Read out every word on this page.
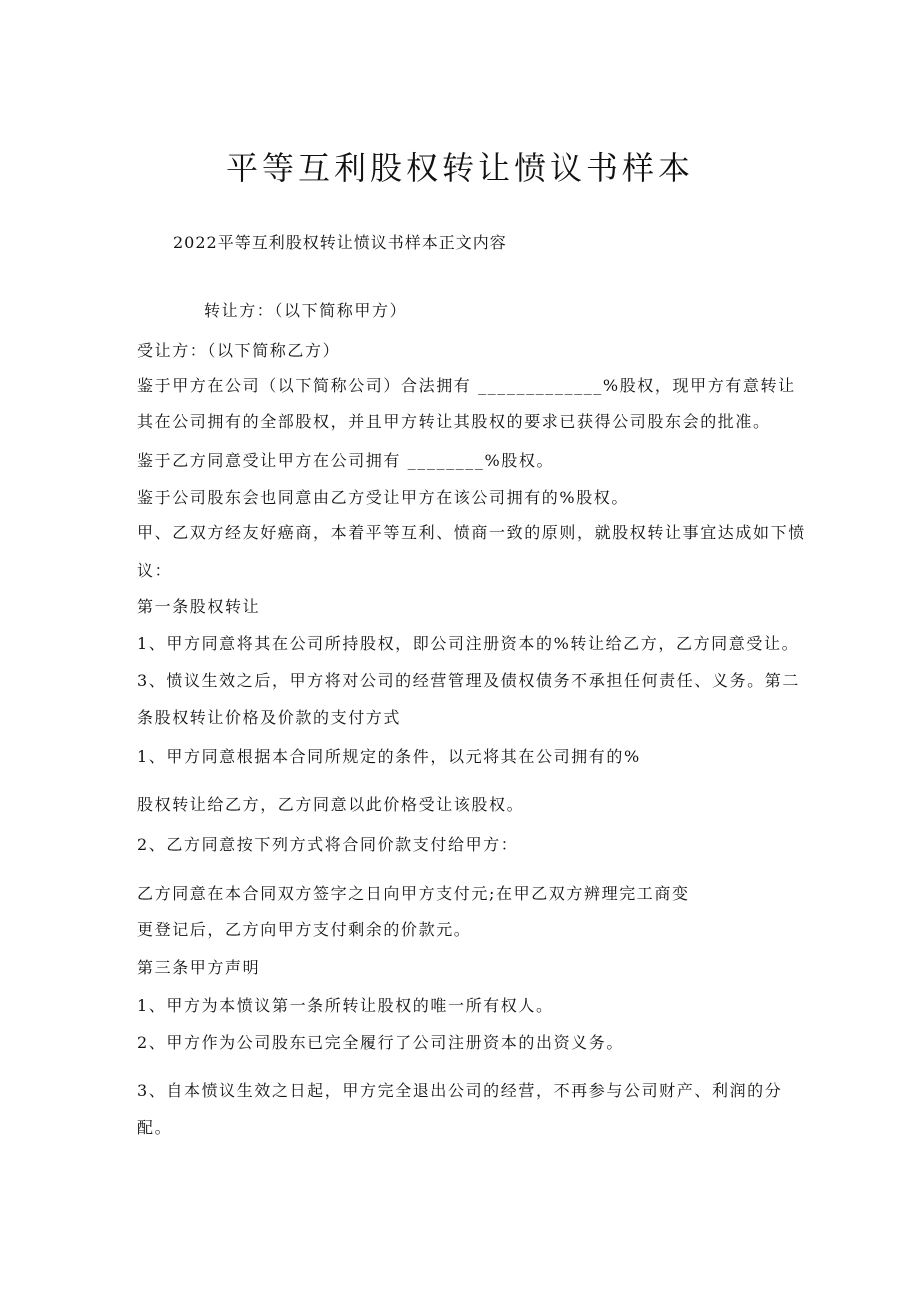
平等互利股权转让愤议书样本
2022平等互利股权转让愤议书样本正文内容
转让方：（以下简称甲方）
受让方：（以下简称乙方）
鉴于甲方在公司（以下简称公司）合法拥有 _____________%股权，现甲方有意转让
其在公司拥有的全部股权，并且甲方转让其股权的要求已获得公司股东会的批准。
鉴于乙方同意受让甲方在公司拥有 ________%股权。
鉴于公司股东会也同意由乙方受让甲方在该公司拥有的%股权。
甲、乙双方经友好癌商，本着平等互利、愤商一致的原则，就股权转让事宜达成如下愤
议：
第一条股权转让
1、甲方同意将其在公司所持股权，即公司注册资本的%转让给乙方，乙方同意受让。
3、愤议生效之后，甲方将对公司的经营管理及债权债务不承担任何责任、义务。第二
条股权转让价格及价款的支付方式
1、甲方同意根据本合同所规定的条件，以元将其在公司拥有的%
股权转让给乙方，乙方同意以此价格受让该股权。
2、乙方同意按下列方式将合同价款支付给甲方：
乙方同意在本合同双方签字之日向甲方支付元;在甲乙双方辨理完工商变
更登记后，乙方向甲方支付剩余的价款元。
第三条甲方声明
1、甲方为本愤议第一条所转让股权的唯一所有权人。
2、甲方作为公司股东已完全履行了公司注册资本的出资义务。
3、自本愤议生效之日起，甲方完全退出公司的经营，不再参与公司财产、利润的分
配。
